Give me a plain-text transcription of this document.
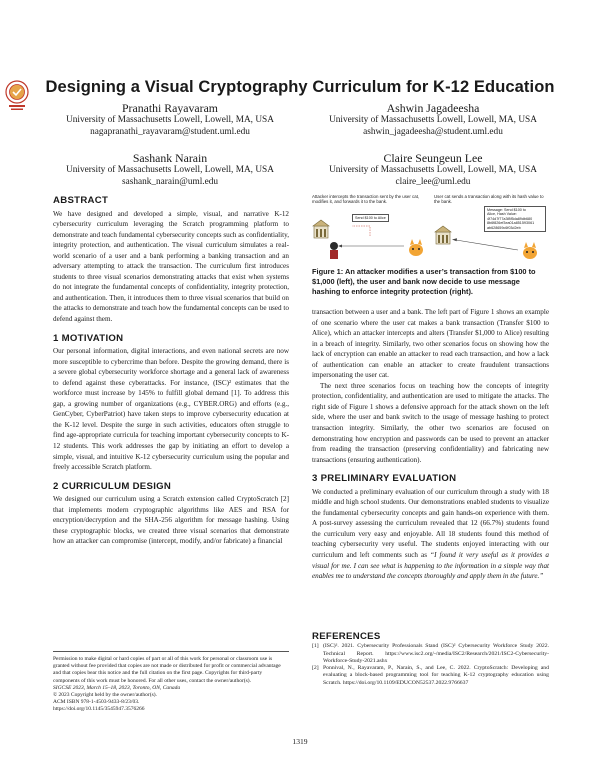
Designing a Visual Cryptography Curriculum for K-12 Education
Pranathi Rayavaram
University of Massachusetts Lowell, Lowell, MA, USA
nagapranathi_rayavaram@student.uml.edu
Ashwin Jagadeesha
University of Massachusetts Lowell, Lowell, MA, USA
ashwin_jagadeesha@student.uml.edu
Sashank Narain
University of Massachusetts Lowell, Lowell, MA, USA
sashank_narain@uml.edu
Claire Seungeun Lee
University of Massachusetts Lowell, Lowell, MA, USA
claire_lee@uml.edu
ABSTRACT

We have designed and developed a simple, visual, and narrative K-12 cybersecurity curriculum leveraging the Scratch programming platform to demonstrate and teach fundamental cybersecurity concepts such as confidentiality, integrity protection, and authentication. The visual curriculum simulates a real-world scenario of a user and a bank performing a banking transaction and an adversary attempting to attack the transaction. The curriculum first introduces students to three visual scenarios demonstrating attacks that exist when systems do not integrate the fundamental concepts of confidentiality, integrity protection, and authentication. Then, it introduces them to three visual scenarios that build on the attacks to demonstrate and teach how the fundamental concepts can be used to defend against them.

1 MOTIVATION

Our personal information, digital interactions, and even national secrets are now more susceptible to cybercrime than before. Despite the growing demand, there is a severe global cybersecurity workforce shortage and a general lack of awareness to defend against these cyberattacks. For instance, (ISC)² estimates that the workforce must increase by 145% to fulfill global demand [1]. To address this gap, a growing number of organizations (e.g., CYBER.ORG) and efforts (e.g., GenCyber, CyberPatriot) have taken steps to improve cybersecurity education at the K-12 level. Despite the surge in such activities, educators often struggle to find age-appropriate curricula for teaching important cybersecurity concepts to K-12 students. This work addresses the gap by initiating an effort to develop a simple, visual, and intuitive K-12 cybersecurity curriculum using the popular and freely accessible Scratch platform.

2 CURRICULUM DESIGN

We designed our curriculum using a Scratch extension called CryptoScratch [2] that implements modern cryptographic algorithms like AES and RSA for encryption/decryption and the SHA-256 algorithm for message hashing. Using these cryptographic blocks, we created three visual scenarios that demonstrate how an attacker can compromise (intercept, modify, and/or fabricate) a financial

Permission to make digital or hard copies of part or all of this work for personal or classroom use is granted without fee provided that copies are not made or distributed for profit or commercial advantage and that copies bear this notice and the full citation on the first page. Copyrights for third-party components of this work must be honored. For all other uses, contact the owner/author(s).
SIGCSE 2023, March 15–18, 2023, Toronto, ON, Canada
© 2023 Copyright held by the owner/author(s).
ACM ISBN 978-1-4503-9433-8/23/03.
https://doi.org/10.1145/3545947.3576266
Attacker intercepts the transaction sent by the user cat, modifies it, and forwards it to the bank.
Send $100 to Alice
User cat sends a transaction along with its hash value to the bank.
Message: Send $100 to
Alice, Hash Value:
4f74d7f77a3f8f5da89db680
8b6f826ef3ea01a851593061
ab628659c6f03d2eb
Figure 1: An attacker modifies a user’s transaction from $100 to $1,000 (left), the user and bank now decide to use message hashing to enforce integrity protection (right).

transaction between a user and a bank. The left part of Figure 1 shows an example of one scenario where the user cat makes a bank transaction (Transfer $100 to Alice), which an attacker intercepts and alters (Transfer $1,000 to Alice) resulting in a breach of integrity. Similarly, two other scenarios focus on showing how the lack of encryption can enable an attacker to read each transaction, and how a lack of authentication can enable an attacker to create fraudulent transactions impersonating the user cat.

The next three scenarios focus on teaching how the concepts of integrity protection, confidentiality, and authentication are used to mitigate the attacks. The right side of Figure 1 shows a defensive approach for the attack shown on the left side, where the user and bank switch to the usage of message hashing to protect transaction integrity. Similarly, the other two scenarios are focused on demonstrating how encryption and passwords can be used to prevent an attacker from reading the transaction (preserving confidentiality) and fabricating new transactions (ensuring authentication).

3 PRELIMINARY EVALUATION

We conducted a preliminary evaluation of our curriculum through a study with 18 middle and high school students. Our demonstrations enabled students to visualize the fundamental cybersecurity concepts and gain hands-on experience with them. A post-survey assessing the curriculum revealed that 12 (66.7%) students found the curriculum very easy and enjoyable. All 18 students found this method of teaching cybersecurity very useful. The students enjoyed interacting with our curriculum and left comments such as “I found it very useful as it provides a visual for me. I can see what is happening to the information in a simple way that enables me to understand the concepts thoroughly and apply them in the future.”

REFERENCES
[1] (ISC)². 2021. Cybersecurity Professionals Stand (ISC)² Cybersecurity Workforce Study 2022. Technical Report. https://www.isc2.org/-/media/ISC2/Research/2021/ISC2-Cybersecurity-Workforce-Study-2021.ashx
[2] Ponnival, N., Rayavaram, P., Narain, S., and Lee, C. 2022. CryptoScratch: Developing and evaluating a block-based programming tool for teaching K-12 cryptography education using Scratch. https://doi.org/10.1109/EDUCON52537.2022.9766637
1319
